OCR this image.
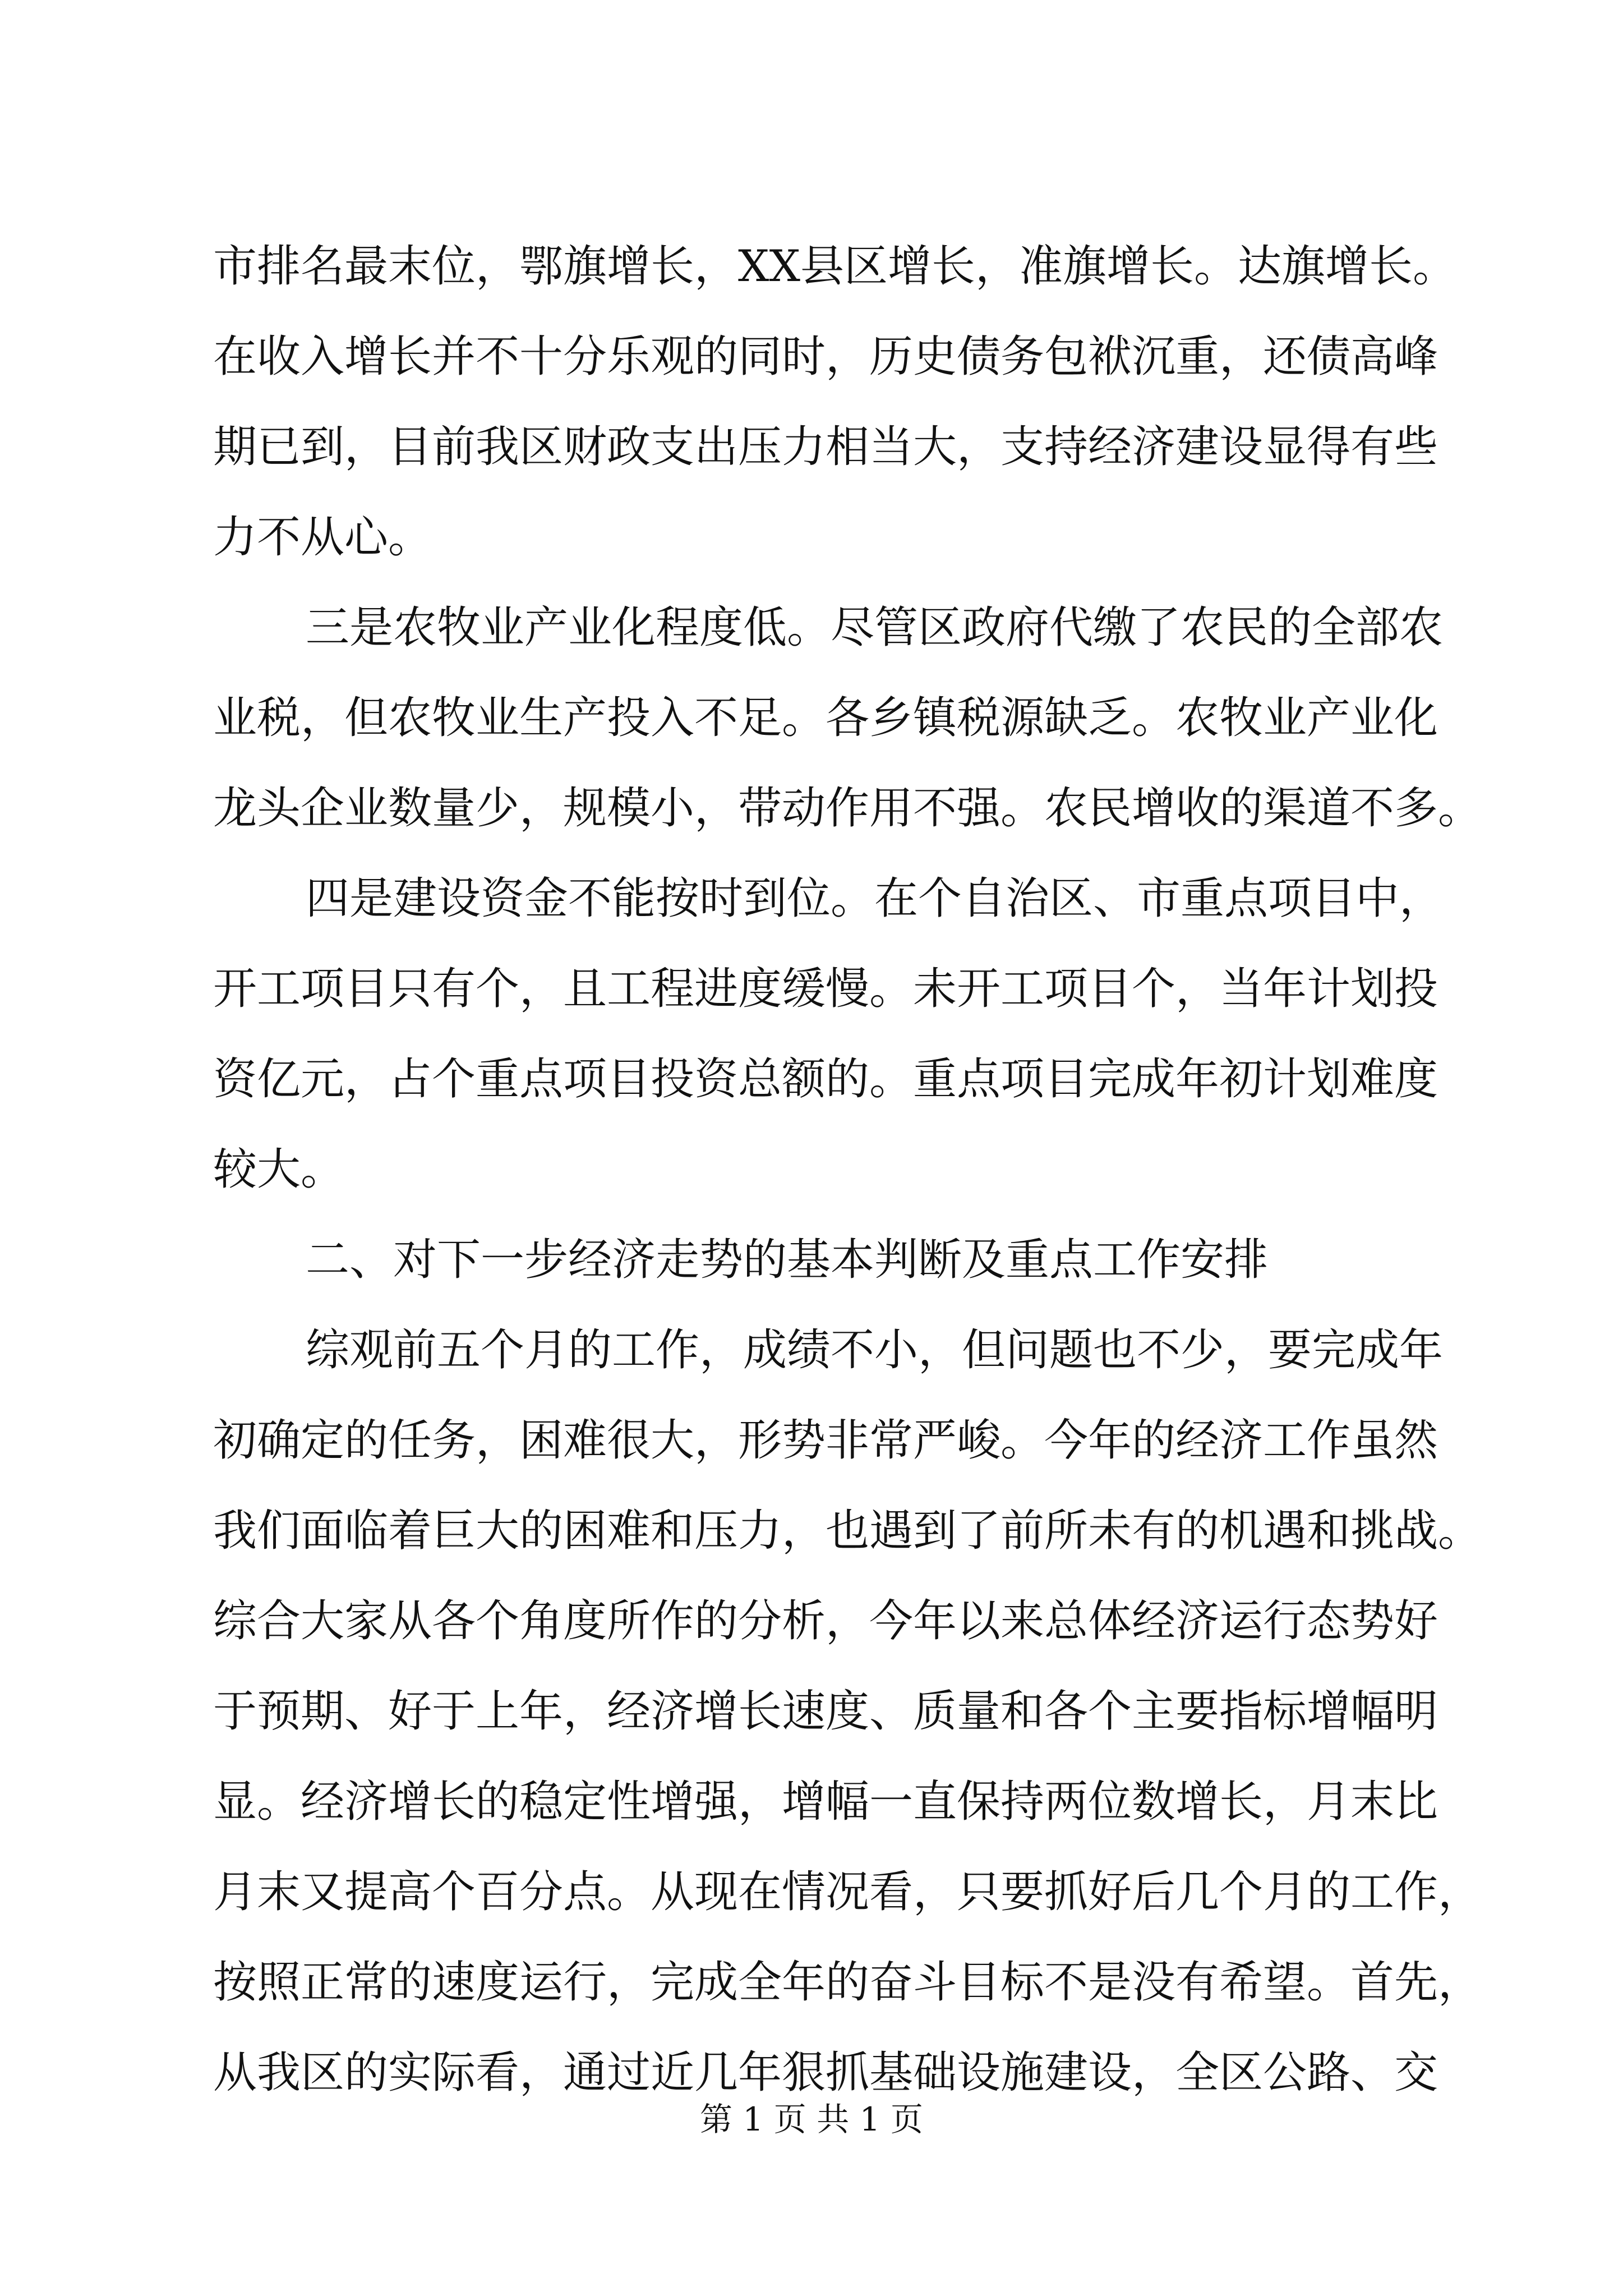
市排名最末位，鄂旗增长，XX县区增长，准旗增长。达旗增长。
在收入增长并不十分乐观的同时，历史债务包袱沉重，还债高峰
期已到，目前我区财政支出压力相当大，支持经济建设显得有些
力不从心。
三是农牧业产业化程度低。尽管区政府代缴了农民的全部农
业税，但农牧业生产投入不足。各乡镇税源缺乏。农牧业产业化
龙头企业数量少，规模小，带动作用不强。农民增收的渠道不多。
四是建设资金不能按时到位。在个自治区、市重点项目中，
开工项目只有个，且工程进度缓慢。未开工项目个，当年计划投
资亿元，占个重点项目投资总额的。重点项目完成年初计划难度
较大。
二、对下一步经济走势的基本判断及重点工作安排
综观前五个月的工作，成绩不小，但问题也不少，要完成年
初确定的任务，困难很大，形势非常严峻。今年的经济工作虽然
我们面临着巨大的困难和压力，也遇到了前所未有的机遇和挑战。
综合大家从各个角度所作的分析，今年以来总体经济运行态势好
于预期、好于上年，经济增长速度、质量和各个主要指标增幅明
显。经济增长的稳定性增强，增幅一直保持两位数增长，月末比
月末又提高个百分点。从现在情况看，只要抓好后几个月的工作，
按照正常的速度运行，完成全年的奋斗目标不是没有希望。首先，
从我区的实际看，通过近几年狠抓基础设施建设，全区公路、交
第 1 页 共 1 页
